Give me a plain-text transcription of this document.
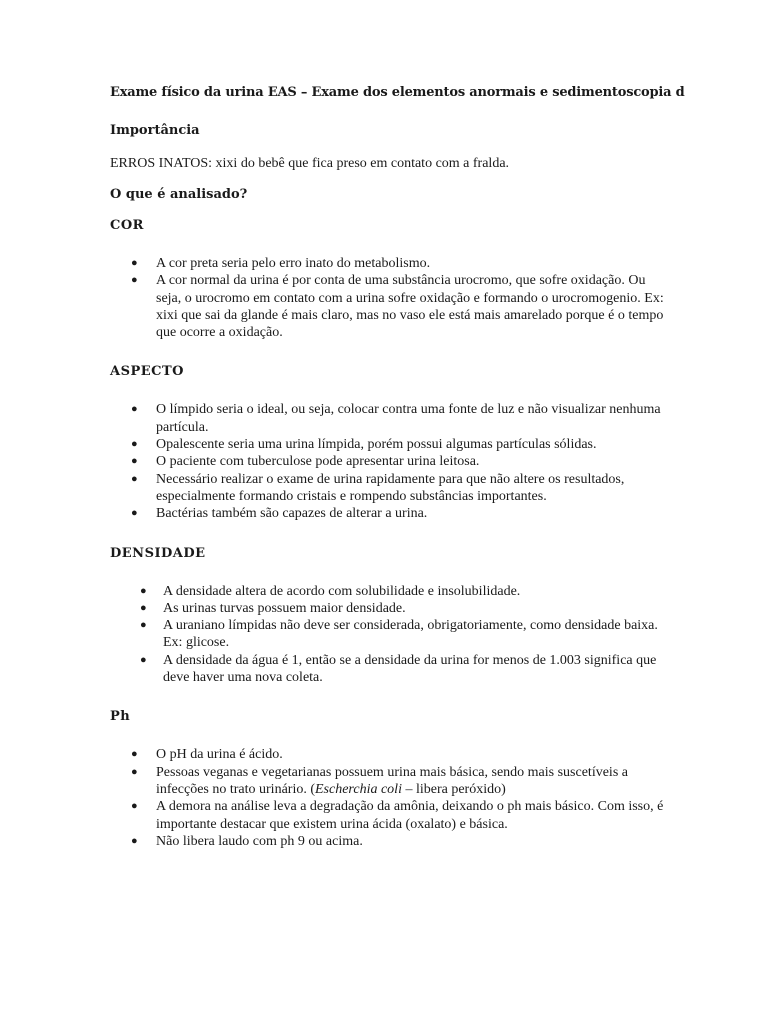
Exame físico da urina EAS – Exame dos elementos anormais e sedimentoscopia d

Importância

ERROS INATOS: xixi do bebê que fica preso em contato com a fralda.

O que é analisado?

COR

● A cor preta seria pelo erro inato do metabolismo.
● A cor normal da urina é por conta de uma substância urocromo, que sofre oxidação. Ou seja, o urocromo em contato com a urina sofre oxidação e formando o urocromogenio. Ex: xixi que sai da glande é mais claro, mas no vaso ele está mais amarelado porque é o tempo que ocorre a oxidação.

ASPECTO

● O límpido seria o ideal, ou seja, colocar contra uma fonte de luz e não visualizar nenhuma partícula.
● Opalescente seria uma urina límpida, porém possui algumas partículas sólidas.
● O paciente com tuberculose pode apresentar urina leitosa.
● Necessário realizar o exame de urina rapidamente para que não altere os resultados, especialmente formando cristais e rompendo substâncias importantes.
● Bactérias também são capazes de alterar a urina.

DENSIDADE

● A densidade altera de acordo com solubilidade e insolubilidade.
● As urinas turvas possuem maior densidade.
● A uraniano límpidas não deve ser considerada, obrigatoriamente, como densidade baixa. Ex: glicose.
● A densidade da água é 1, então se a densidade da urina for menos de 1.003 significa que deve haver uma nova coleta.

Ph

● O pH da urina é ácido.
● Pessoas veganas e vegetarianas possuem urina mais básica, sendo mais suscetíveis a infecções no trato urinário. (Escherchia coli – libera peróxido)
● A demora na análise leva a degradação da amônia, deixando o ph mais básico. Com isso, é importante destacar que existem urina ácida (oxalato) e básica.
● Não libera laudo com ph 9 ou acima.
